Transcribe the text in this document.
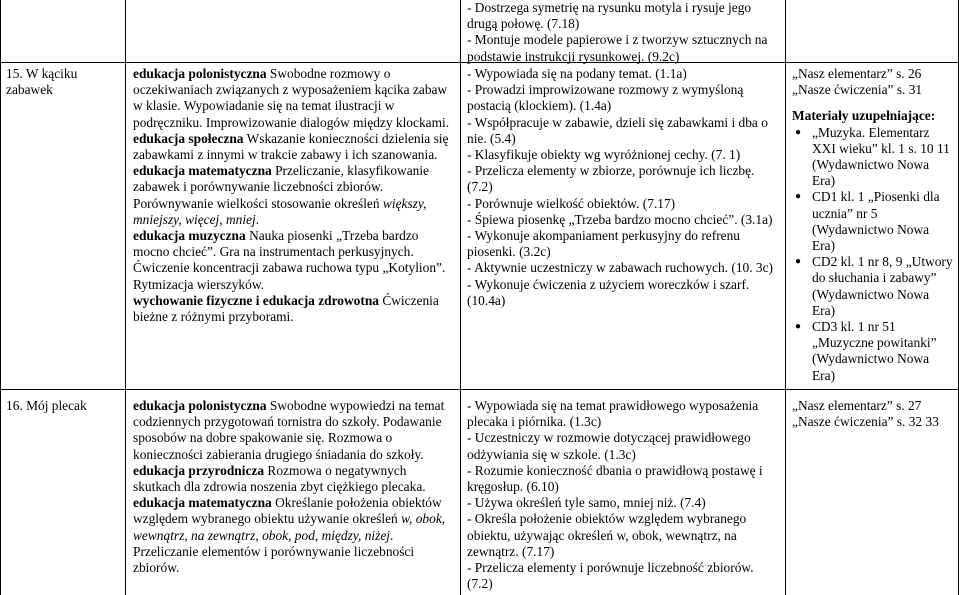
- Dostrzega symetrię na rysunku motyla i rysuje jego drugą połowę. (7.18)

- Montuje modele papierowe i z tworzyw sztucznych na podstawie instrukcji rysunkowej. (9.2c)

15. W kąciku zabawek

edukacja polonistyczna Swobodne rozmowy o oczekiwaniach związanych z wyposażeniem kącika zabaw w klasie. Wypowiadanie się na temat ilustracji w podręczniku. Improwizowanie dialogów między klockami.

edukacja społeczna Wskazanie konieczności dzielenia się zabawkami z innymi w trakcie zabawy i ich szanowania.

edukacja matematyczna Przeliczanie, klasyfikowanie zabawek i porównywanie liczebności zbiorów. Porównywanie wielkości stosowanie określeń większy, mniejszy, więcej, mniej.

edukacja muzyczna Nauka piosenki „Trzeba bardzo mocno chcieć”. Gra na instrumentach perkusyjnych. Ćwiczenie koncentracji zabawa ruchowa typu „Kotylion”. Rytmizacja wierszyków.

wychowanie fizyczne i edukacja zdrowotna Ćwiczenia bieżne z różnymi przyborami.

- Wypowiada się na podany temat. (1.1a)

- Prowadzi improwizowane rozmowy z wymyśloną postacią (klockiem). (1.4a)

- Współpracuje w zabawie, dzieli się zabawkami i dba o nie. (5.4)

- Klasyfikuje obiekty wg wyróżnionej cechy. (7. 1)

- Przelicza elementy w zbiorze, porównuje ich liczbę. (7.2)

- Porównuje wielkość obiektów. (7.17)

- Śpiewa piosenkę „Trzeba bardzo mocno chcieć”. (3.1a)

- Wykonuje akompaniament perkusyjny do refrenu piosenki. (3.2c)

- Aktywnie uczestniczy w zabawach ruchowych. (10. 3c)

- Wykonuje ćwiczenia z użyciem woreczków i szarf. (10.4a)

„Nasz elementarz” s. 26

„Nasze ćwiczenia” s. 31

Materiały uzupełniające:

● „Muzyka. Elementarz XXI wieku” kl. 1 s. 10 11 (Wydawnictwo Nowa Era)
● CD1 kl. 1 „Piosenki dla ucznia” nr 5 (Wydawnictwo Nowa Era)
● CD2 kl. 1 nr 8, 9 „Utwory do słuchania i zabawy” (Wydawnictwo Nowa Era)
● CD3 kl. 1 nr 51 „Muzyczne powitanki” (Wydawnictwo Nowa Era)

16. Mój plecak	edukacja polonistyczna Swobodne wypowiedzi na temat codziennych przygotowań tornistra do szkoły. Podawanie sposobów na dobre spakowanie się. Rozmowa o konieczności zabierania drugiego śniadania do szkoły.

edukacja przyrodnicza Rozmowa o negatywnych skutkach dla zdrowia noszenia zbyt ciężkiego plecaka.

edukacja matematyczna Określanie położenia obiektów względem wybranego obiektu używanie określeń w, obok, wewnątrz, na zewnątrz, obok, pod, między, niżej. Przeliczanie elementów i porównywanie liczebności zbiorów.

- Wypowiada się na temat prawidłowego wyposażenia plecaka i piórnika. (1.3c)

- Uczestniczy w rozmowie dotyczącej prawidłowego odżywiania się w szkole. (1.3c)

- Rozumie konieczność dbania o prawidłową postawę i kręgosłup. (6.10)

- Używa określeń tyle samo, mniej niż. (7.4)

- Określa położenie obiektów względem wybranego obiektu, używając określeń w, obok, wewnątrz, na zewnątrz. (7.17)

- Przelicza elementy i porównuje liczebność zbiorów. (7.2)

„Nasz elementarz” s. 27

„Nasze ćwiczenia” s. 32 33
